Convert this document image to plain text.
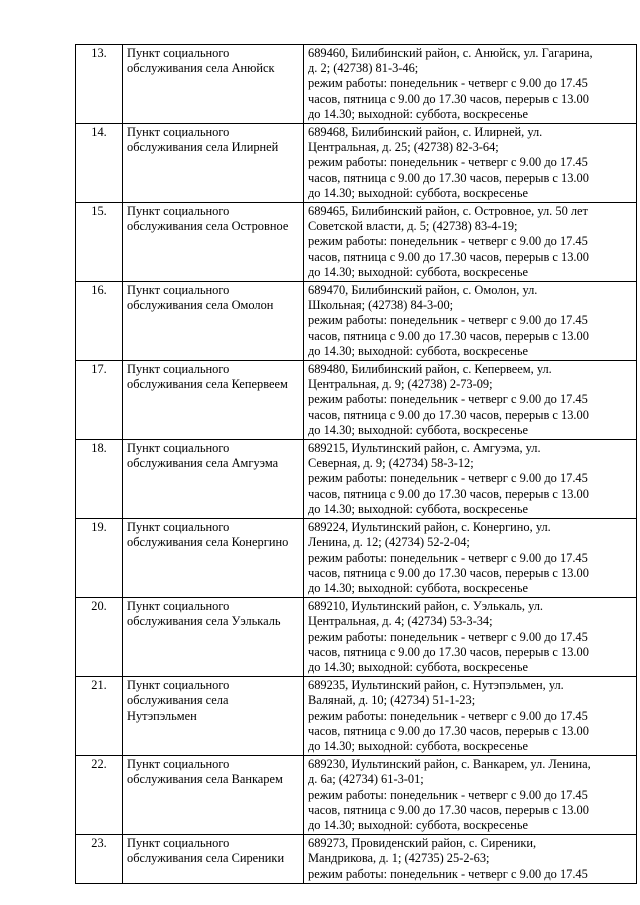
13.	Пункт социального обслуживания села Анюйск	689460, Билибинский район, с. Анюйск, ул. Гагарина,
д. 2; (42738) 81-3-46;
режим работы: понедельник - четверг с 9.00 до 17.45
часов, пятница с 9.00 до 17.30 часов, перерыв с 13.00
до 14.30; выходной: суббота, воскресенье

14.	Пункт социального обслуживания села Илирней	689468, Билибинский район, с. Илирней, ул.
Центральная, д. 25; (42738) 82-3-64;
режим работы: понедельник - четверг с 9.00 до 17.45
часов, пятница с 9.00 до 17.30 часов, перерыв с 13.00
до 14.30; выходной: суббота, воскресенье

15.	Пункт социального обслуживания села Островное	689465, Билибинский район, с. Островное, ул. 50 лет
Советской власти, д. 5; (42738) 83-4-19;
режим работы: понедельник - четверг с 9.00 до 17.45
часов, пятница с 9.00 до 17.30 часов, перерыв с 13.00
до 14.30; выходной: суббота, воскресенье

16.	Пункт социального обслуживания села Омолон	689470, Билибинский район, с. Омолон, ул.
Школьная; (42738) 84-3-00;
режим работы: понедельник - четверг с 9.00 до 17.45
часов, пятница с 9.00 до 17.30 часов, перерыв с 13.00
до 14.30; выходной: суббота, воскресенье

17.	Пункт социального обслуживания села Кепервеем	689480, Билибинский район, с. Кепервеем, ул.
Центральная, д. 9; (42738) 2-73-09;
режим работы: понедельник - четверг с 9.00 до 17.45
часов, пятница с 9.00 до 17.30 часов, перерыв с 13.00
до 14.30; выходной: суббота, воскресенье

18.	Пункт социального обслуживания села Амгуэма	689215, Иультинский район, с. Амгуэма, ул.
Северная, д. 9; (42734) 58-3-12;
режим работы: понедельник - четверг с 9.00 до 17.45
часов, пятница с 9.00 до 17.30 часов, перерыв с 13.00
до 14.30; выходной: суббота, воскресенье

19.	Пункт социального обслуживания села Конергино	689224, Иультинский район, с. Конергино, ул.
Ленина, д. 12; (42734) 52-2-04;
режим работы: понедельник - четверг с 9.00 до 17.45
часов, пятница с 9.00 до 17.30 часов, перерыв с 13.00
до 14.30; выходной: суббота, воскресенье

20.	Пункт социального обслуживания села Уэлькаль	689210, Иультинский район, с. Уэлькаль, ул.
Центральная, д. 4; (42734) 53-3-34;
режим работы: понедельник - четверг с 9.00 до 17.45
часов, пятница с 9.00 до 17.30 часов, перерыв с 13.00
до 14.30; выходной: суббота, воскресенье

21.	Пункт социального обслуживания села Нутэпэльмен	689235, Иультинский район, с. Нутэпэльмен, ул.
Валянай, д. 10; (42734) 51-1-23;
режим работы: понедельник - четверг с 9.00 до 17.45
часов, пятница с 9.00 до 17.30 часов, перерыв с 13.00
до 14.30; выходной: суббота, воскресенье

22.	Пункт социального обслуживания села Ванкарем	689230, Иультинский район, с. Ванкарем, ул. Ленина,
д. 6а; (42734) 61-3-01;
режим работы: понедельник - четверг с 9.00 до 17.45
часов, пятница с 9.00 до 17.30 часов, перерыв с 13.00
до 14.30; выходной: суббота, воскресенье

23.	Пункт социального обслуживания села Сиреники	689273, Провиденский район, с. Сиреники,
Мандрикова, д. 1; (42735) 25-2-63;
режим работы: понедельник - четверг с 9.00 до 17.45
